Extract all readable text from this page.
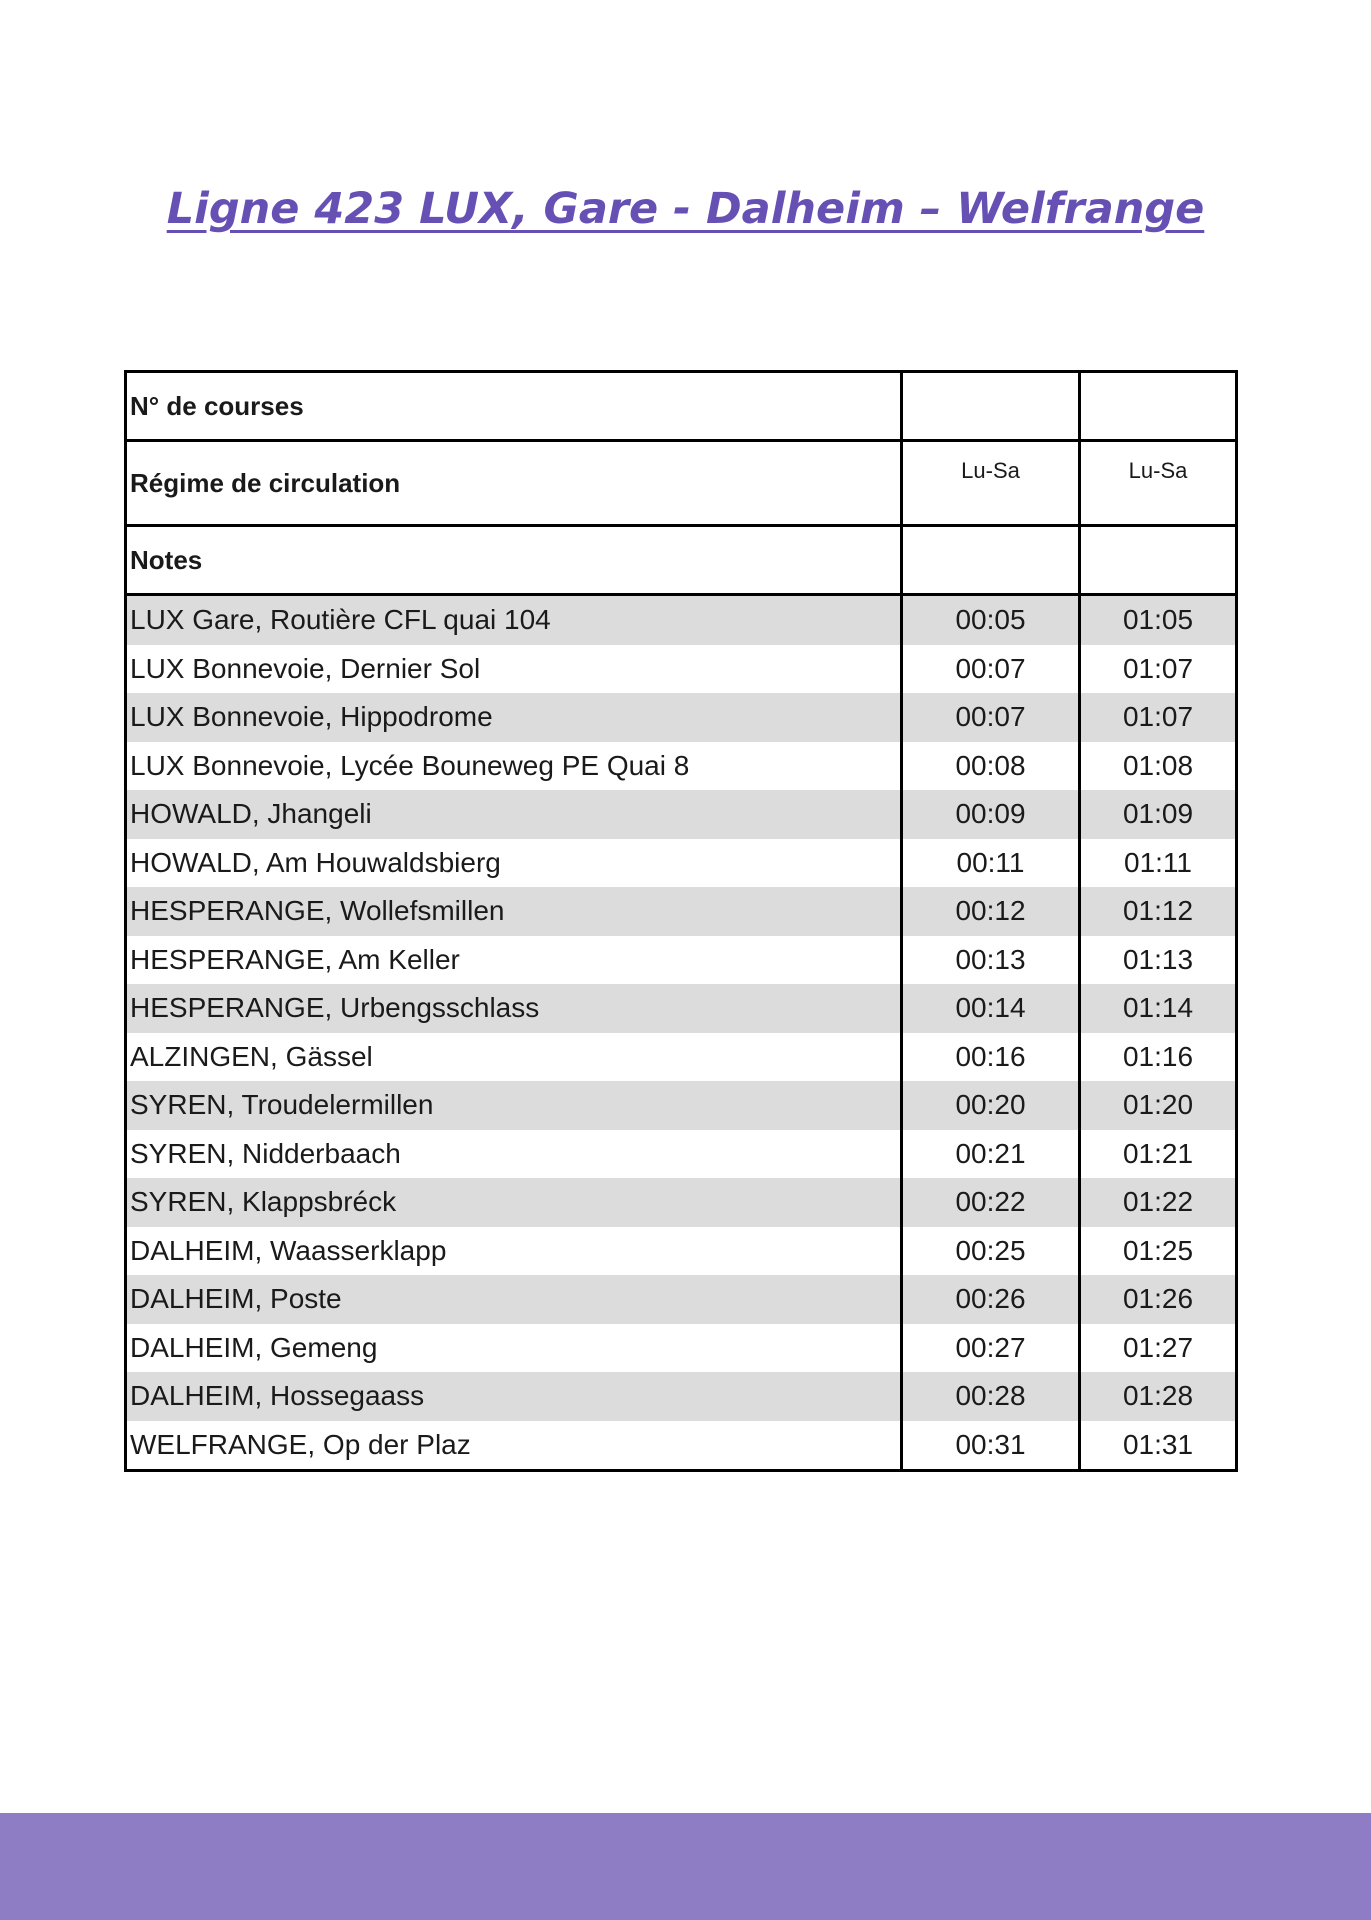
Ligne 423 LUX, Gare - Dalheim – Welfrange
N° de courses		
Régime de circulation	Lu-Sa	Lu-Sa
Notes		
LUX Gare, Routière CFL quai 104	00:05	01:05
LUX Bonnevoie, Dernier Sol	00:07	01:07
LUX Bonnevoie, Hippodrome	00:07	01:07
LUX Bonnevoie, Lycée Bouneweg PE Quai 8	00:08	01:08
HOWALD, Jhangeli	00:09	01:09
HOWALD, Am Houwaldsbierg	00:11	01:11
HESPERANGE, Wollefsmillen	00:12	01:12
HESPERANGE, Am Keller	00:13	01:13
HESPERANGE, Urbengsschlass	00:14	01:14
ALZINGEN, Gässel	00:16	01:16
SYREN, Troudelermillen	00:20	01:20
SYREN, Nidderbaach	00:21	01:21
SYREN, Klappsbréck	00:22	01:22
DALHEIM, Waasserklapp	00:25	01:25
DALHEIM, Poste	00:26	01:26
DALHEIM, Gemeng	00:27	01:27
DALHEIM, Hossegaass	00:28	01:28
WELFRANGE, Op der Plaz	00:31	01:31
